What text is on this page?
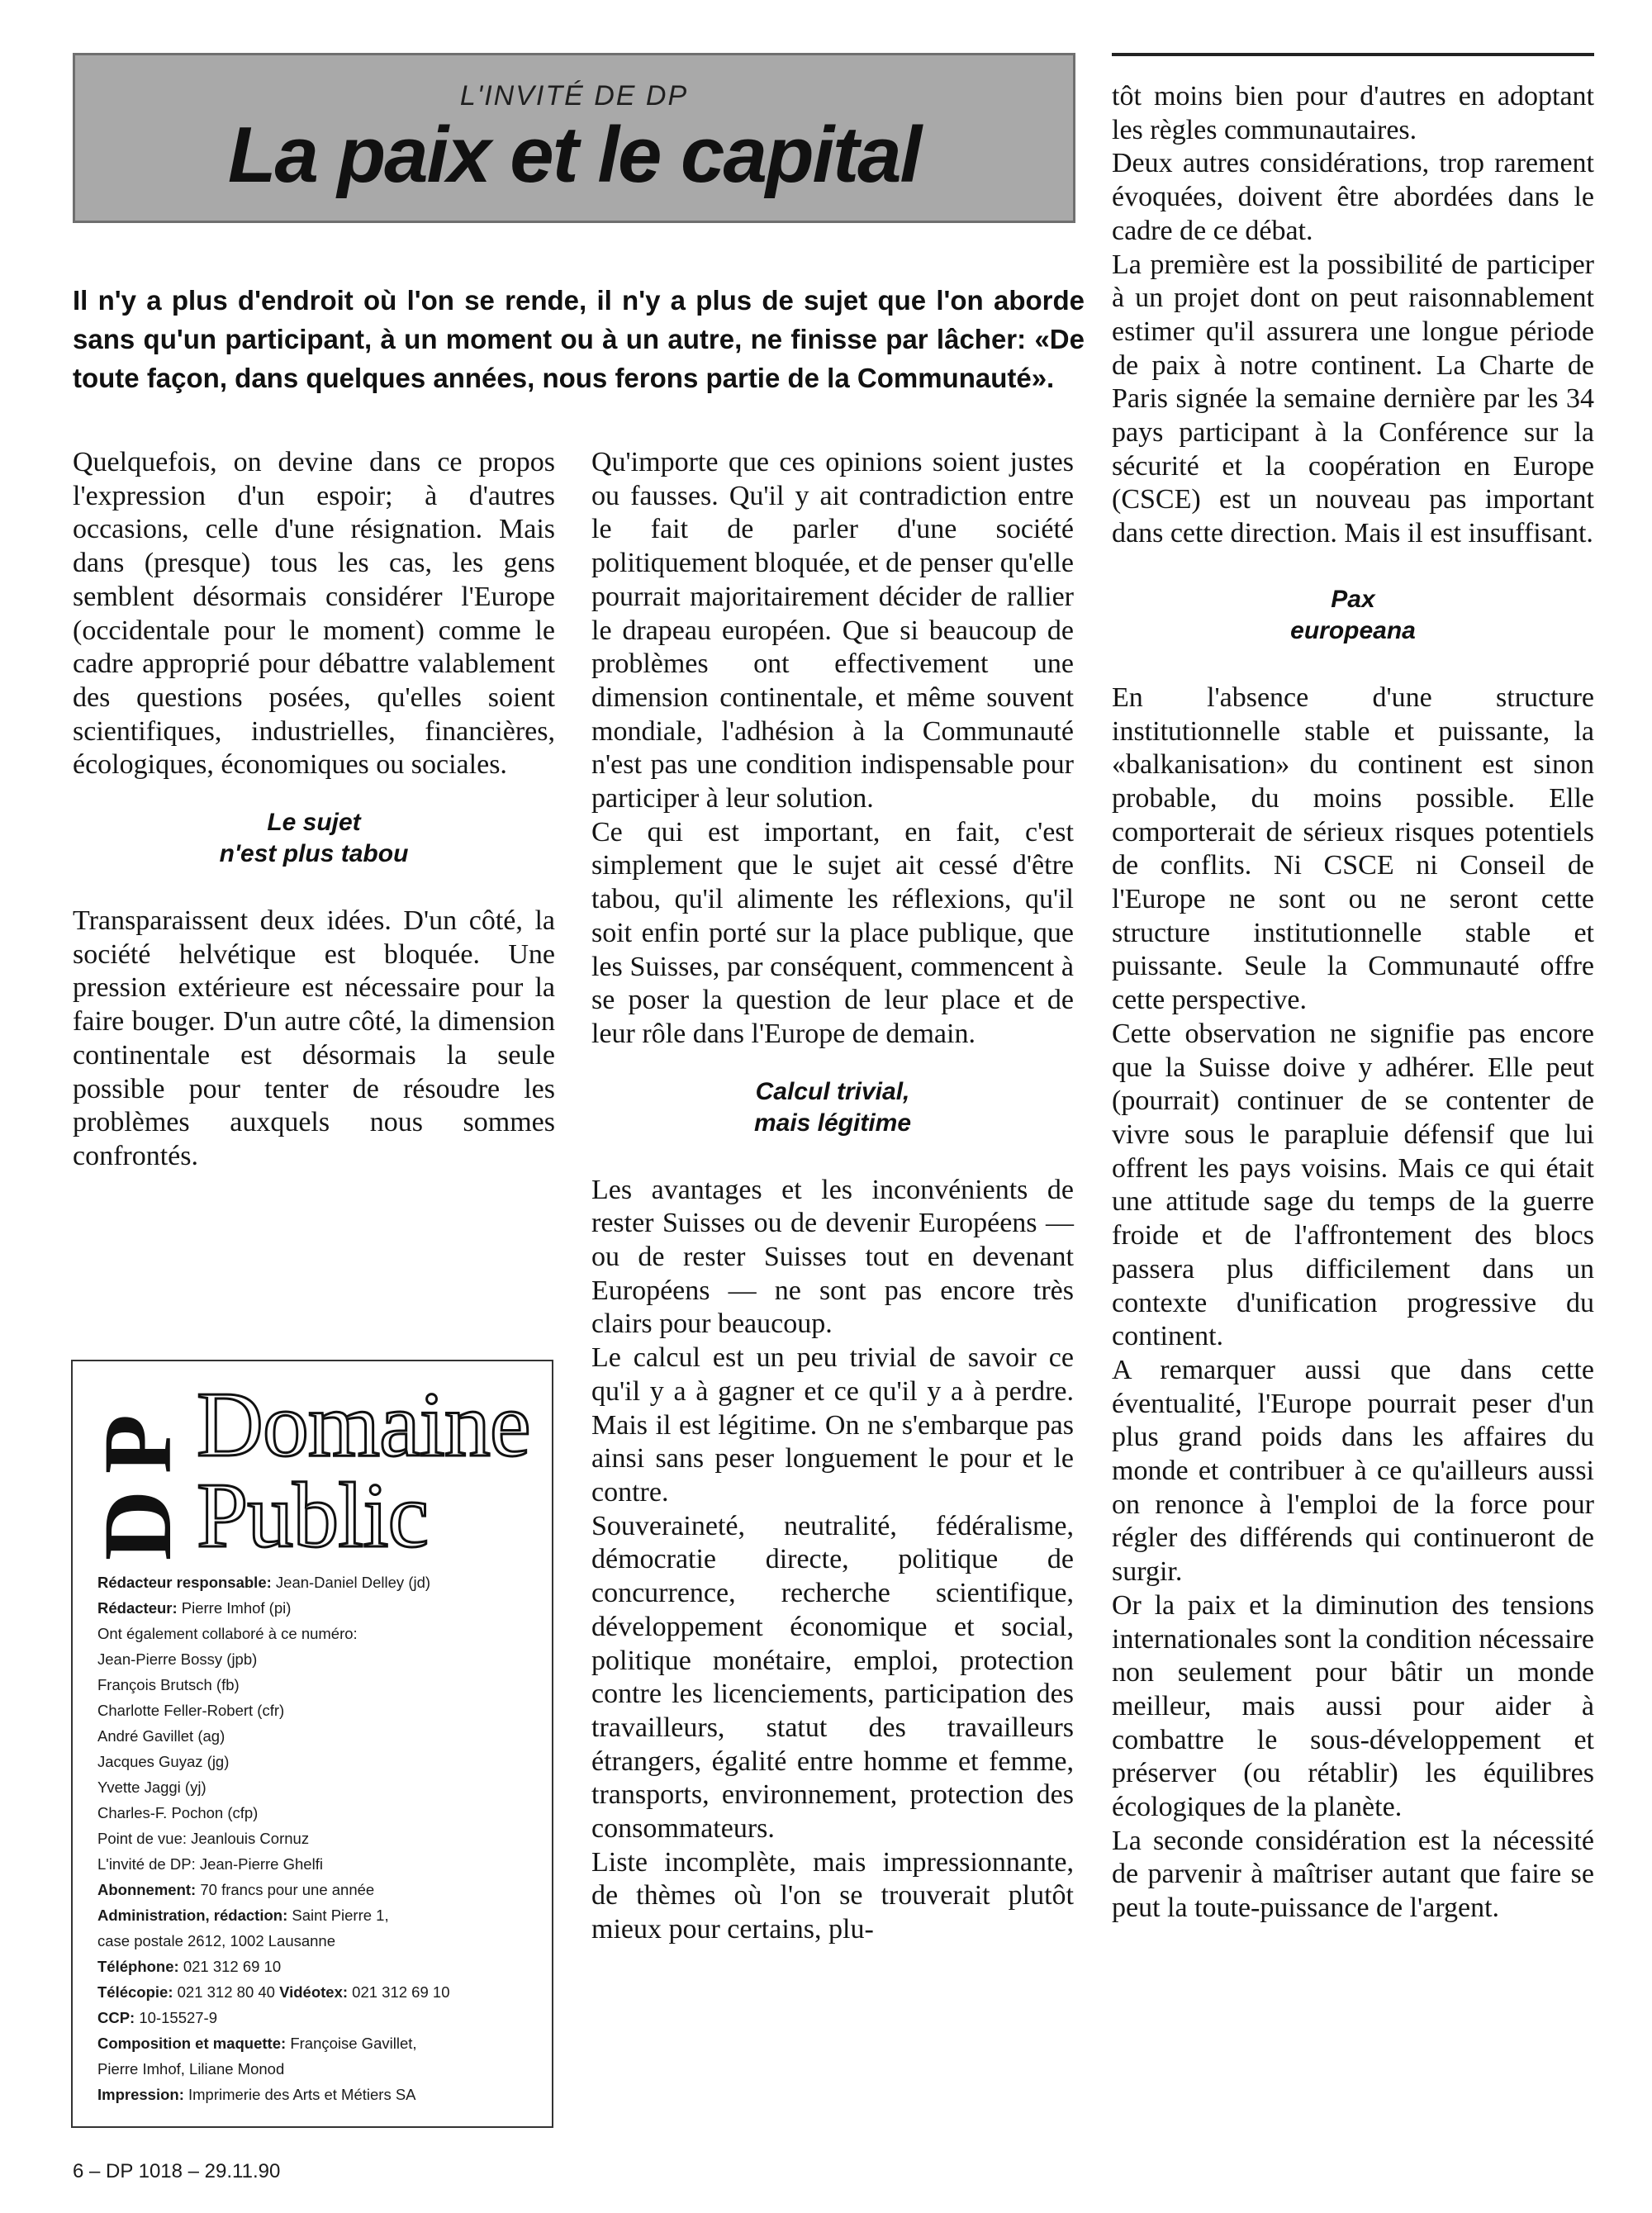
L'INVITÉ DE DP
La paix et le capital
Il n'y a plus d'endroit où l'on se rende, il n'y a plus de sujet que l'on aborde sans qu'un participant, à un moment ou à un autre, ne finisse par lâcher: «De toute façon, dans quelques années, nous ferons partie de la Communauté».

Quelquefois, on devine dans ce propos l'expression d'un espoir; à d'autres occasions, celle d'une résignation. Mais dans (presque) tous les cas, les gens semblent désormais considérer l'Europe (occidentale pour le moment) comme le cadre approprié pour débattre valablement des questions posées, qu'elles soient scientifiques, industrielles, financières, écologiques, économiques ou sociales.

Le sujet
n'est plus tabou

Transparaissent deux idées. D'un côté, la société helvétique est bloquée. Une pression extérieure est nécessaire pour la faire bouger. D'un autre côté, la dimension continentale est désormais la seule possible pour tenter de résoudre les problèmes auxquels nous sommes confrontés.

Qu'importe que ces opinions soient justes ou fausses. Qu'il y ait contradiction entre le fait de parler d'une société politiquement bloquée, et de penser qu'elle pourrait majoritairement décider de rallier le drapeau européen. Que si beaucoup de problèmes ont effectivement une dimension continentale, et même souvent mondiale, l'adhésion à la Communauté n'est pas une condition indispensable pour participer à leur solution.

Ce qui est important, en fait, c'est simplement que le sujet ait cessé d'être tabou, qu'il alimente les réflexions, qu'il soit enfin porté sur la place publique, que les Suisses, par conséquent, commencent à se poser la question de leur place et de leur rôle dans l'Europe de demain.

Calcul trivial,
mais légitime

Les avantages et les inconvénients de rester Suisses ou de devenir Européens — ou de rester Suisses tout en devenant Européens — ne sont pas encore très clairs pour beaucoup.

Le calcul est un peu trivial de savoir ce qu'il y a à gagner et ce qu'il y a à perdre. Mais il est légitime. On ne s'embarque pas ainsi sans peser longuement le pour et le contre.

Souveraineté, neutralité, fédéralisme, démocratie directe, politique de concurrence, recherche scientifique, développement économique et social, politique monétaire, emploi, protection contre les licenciements, participation des travailleurs, statut des travailleurs étrangers, égalité entre homme et femme, transports, environnement, protection des consommateurs.

Liste incomplète, mais impressionnante, de thèmes où l'on se trouverait plutôt mieux pour certains, plu-

tôt moins bien pour d'autres en adoptant les règles communautaires.

Deux autres considérations, trop rarement évoquées, doivent être abordées dans le cadre de ce débat.

La première est la possibilité de participer à un projet dont on peut raisonnablement estimer qu'il assurera une longue période de paix à notre continent. La Charte de Paris signée la semaine dernière par les 34 pays participant à la Conférence sur la sécurité et la coopération en Europe (CSCE) est un nouveau pas important dans cette direction. Mais il est insuffisant.

Pax
europeana

En l'absence d'une structure institutionnelle stable et puissante, la «balkanisation» du continent est sinon probable, du moins possible. Elle comporterait de sérieux risques potentiels de conflits. Ni CSCE ni Conseil de l'Europe ne sont ou ne seront cette structure institutionnelle stable et puissante. Seule la Communauté offre cette perspective.

Cette observation ne signifie pas encore que la Suisse doive y adhérer. Elle peut (pourrait) continuer de se contenter de vivre sous le parapluie défensif que lui offrent les pays voisins. Mais ce qui était une attitude sage du temps de la guerre froide et de l'affrontement des blocs passera plus difficilement dans un contexte d'unification progressive du continent.

A remarquer aussi que dans cette éventualité, l'Europe pourrait peser d'un plus grand poids dans les affaires du monde et contribuer à ce qu'ailleurs aussi on renonce à l'emploi de la force pour régler des différends qui continueront de surgir.

Or la paix et la diminution des tensions internationales sont la condition nécessaire non seulement pour bâtir un monde meilleur, mais aussi pour aider à combattre le sous-développement et préserver (ou rétablir) les équilibres écologiques de la planète.

La seconde considération est la nécessité de parvenir à maîtriser autant que faire se peut la toute-puissance de l'argent.

DP Domaine
Public
Rédacteur responsable: Jean-Daniel Delley (jd)
Rédacteur: Pierre Imhof (pi)
Ont également collaboré à ce numéro:
Jean-Pierre Bossy (jpb)
François Brutsch (fb)
Charlotte Feller-Robert (cfr)
André Gavillet (ag)
Jacques Guyaz (jg)
Yvette Jaggi (yj)
Charles-F. Pochon (cfp)
Point de vue: Jeanlouis Cornuz
L'invité de DP: Jean-Pierre Ghelfi
Abonnement: 70 francs pour une année
Administration, rédaction: Saint Pierre 1,
case postale 2612, 1002 Lausanne
Téléphone: 021 312 69 10
Télécopie: 021 312 80 40 Vidéotex: 021 312 69 10
CCP: 10-15527-9
Composition et maquette: Françoise Gavillet,
Pierre Imhof, Liliane Monod
Impression: Imprimerie des Arts et Métiers SA
6 – DP 1018 – 29.11.90
